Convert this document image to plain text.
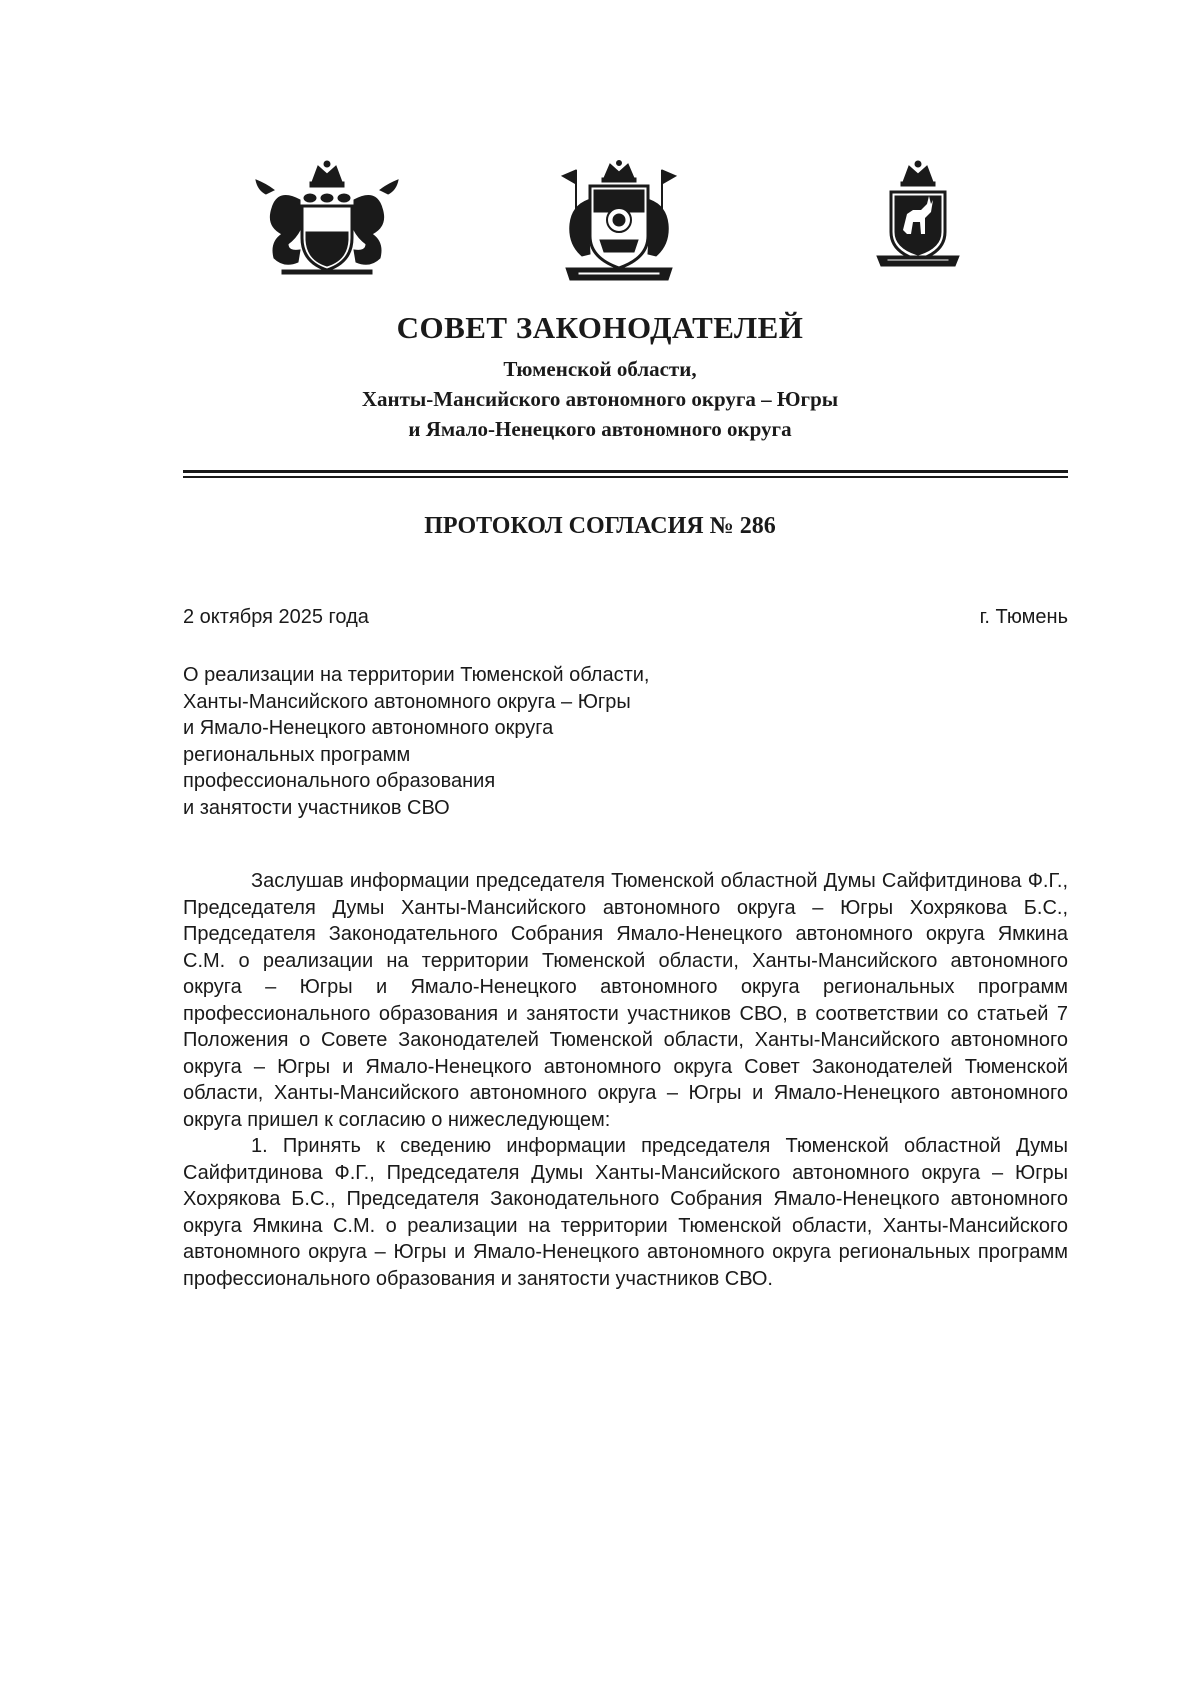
СОВЕТ ЗАКОНОДАТЕЛЕЙ

Тюменской области,

Ханты-Мансийского автономного округа – Югры

и Ямало-Ненецкого автономного округа

ПРОТОКОЛ СОГЛАСИЯ № 286

2 октября 2025 года	г. Тюмень

О реализации на территории Тюменской области,
Ханты-Мансийского автономного округа – Югры
и Ямало-Ненецкого автономного округа
региональных программ
профессионального образования
и занятости участников СВО

Заслушав информации председателя Тюменской областной Думы Сайфитдинова Ф.Г., Председателя Думы Ханты-Мансийского автономного округа – Югры Хохрякова Б.С., Председателя Законодательного Собрания Ямало-Ненецкого автономного округа Ямкина С.М. о реализации на территории Тюменской области, Ханты-Мансийского автономного округа – Югры и Ямало-Ненецкого автономного округа региональных программ профессионального образования и занятости участников СВО, в соответствии со статьей 7 Положения о Совете Законодателей Тюменской области, Ханты-Мансийского автономного округа – Югры и Ямало-Ненецкого автономного округа Совет Законодателей Тюменской области, Ханты-Мансийского автономного округа – Югры и Ямало-Ненецкого автономного округа пришел к согласию о нижеследующем:

1. Принять к сведению информации председателя Тюменской областной Думы Сайфитдинова Ф.Г., Председателя Думы Ханты-Мансийского автономного округа – Югры Хохрякова Б.С., Председателя Законодательного Собрания Ямало-Ненецкого автономного округа Ямкина С.М. о реализации на территории Тюменской области, Ханты-Мансийского автономного округа – Югры и Ямало-Ненецкого автономного округа региональных программ профессионального образования и занятости участников СВО.
